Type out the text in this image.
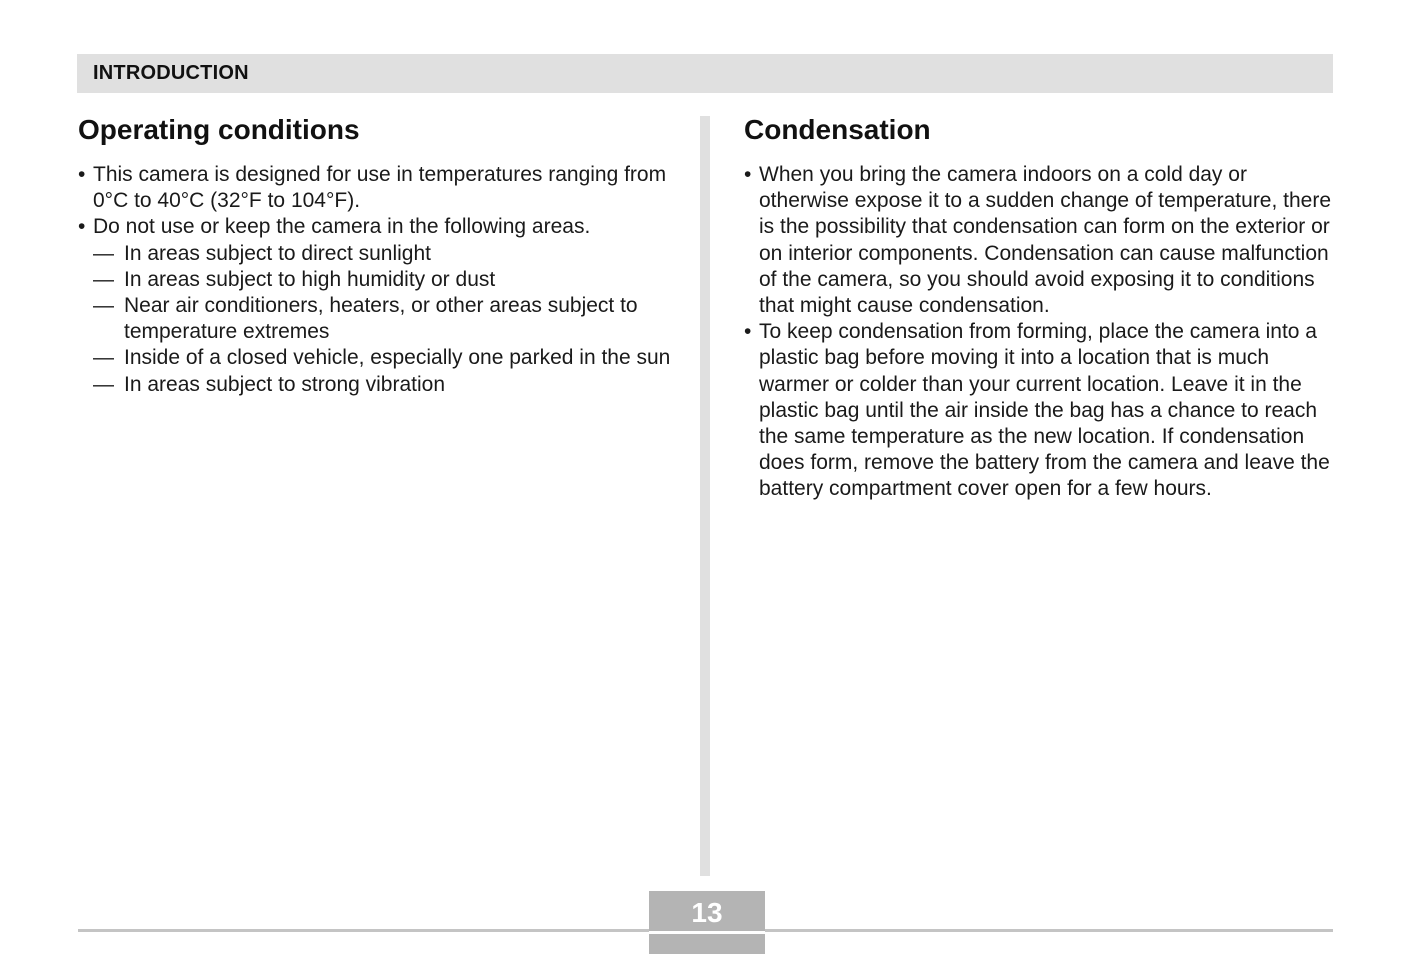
INTRODUCTION
Operating conditions
• This camera is designed for use in temperatures ranging from 0°C to 40°C (32°F to 104°F).
• Do not use or keep the camera in the following areas.
— In areas subject to direct sunlight
— In areas subject to high humidity or dust
— Near air conditioners, heaters, or other areas subject to temperature extremes
— Inside of a closed vehicle, especially one parked in the sun
— In areas subject to strong vibration
Condensation
• When you bring the camera indoors on a cold day or otherwise expose it to a sudden change of temperature, there is the possibility that condensation can form on the exterior or on interior components. Condensation can cause malfunction of the camera, so you should avoid exposing it to conditions that might cause condensation.
• To keep condensation from forming, place the camera into a plastic bag before moving it into a location that is much warmer or colder than your current location. Leave it in the plastic bag until the air inside the bag has a chance to reach the same temperature as the new location. If condensation does form, remove the battery from the camera and leave the battery compartment cover open for a few hours.
13
